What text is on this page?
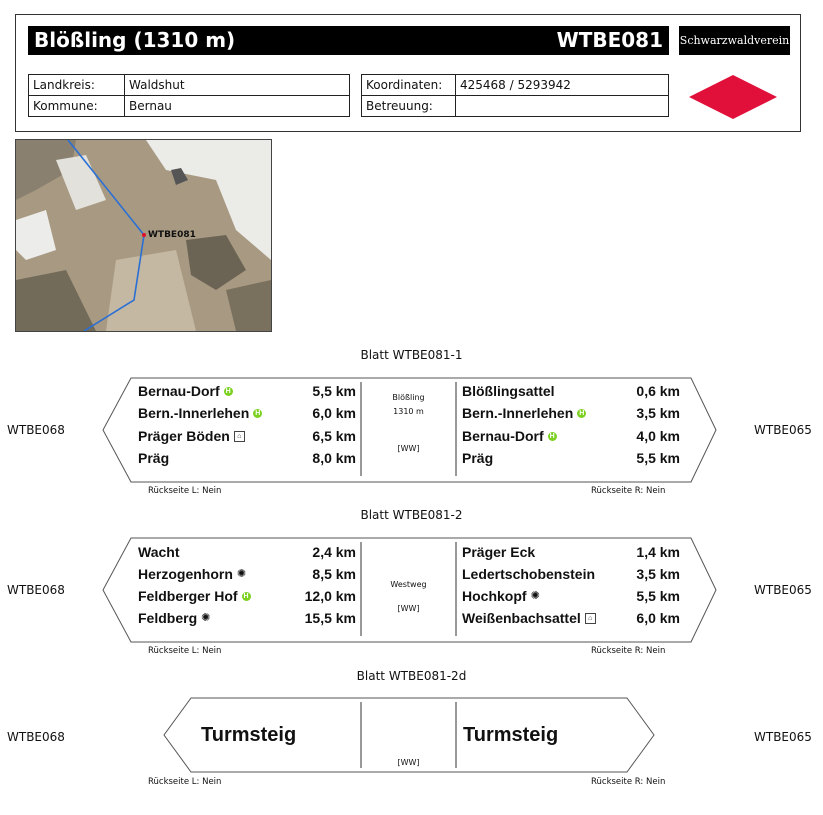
Blößling (1310 m)	WTBE081 Schwarzwaldverein
Landkreis:	Waldshut
Kommune:	Bernau
Koordinaten:	425468 / 5293942
Betreuung:	
WTBE081
Blatt WTBE081-1
WTBE068	WTBE065
Bernau-Dorf H	5,5 km
Bern.-Innerlehen H	6,0 km
Präger Böden	⌂	6,5 km
Präg	8,0 km
Blößling
1310 m
[WW]
Blößlingsattel	0,6 km
Bern.-Innerlehen H	3,5 km
Bernau-Dorf H	4,0 km
Präg	5,5 km
Rückseite L: Nein	Rückseite R: Nein
Blatt WTBE081-2
WTBE068	WTBE065
Wacht	2,4 km
Herzogenhorn ✺	8,5 km
Feldberger Hof H	12,0 km
Feldberg ✺	15,5 km
Westweg
[WW]
Präger Eck	1,4 km
Ledertschobenstein	3,5 km
Hochkopf ✺	5,5 km
Weißenbachsattel	⌂	6,0 km
Rückseite L: Nein	Rückseite R: Nein
Blatt WTBE081-2d
WTBE068	WTBE065
Turmsteig	Turmsteig
[WW]
Rückseite L: Nein	Rückseite R: Nein
